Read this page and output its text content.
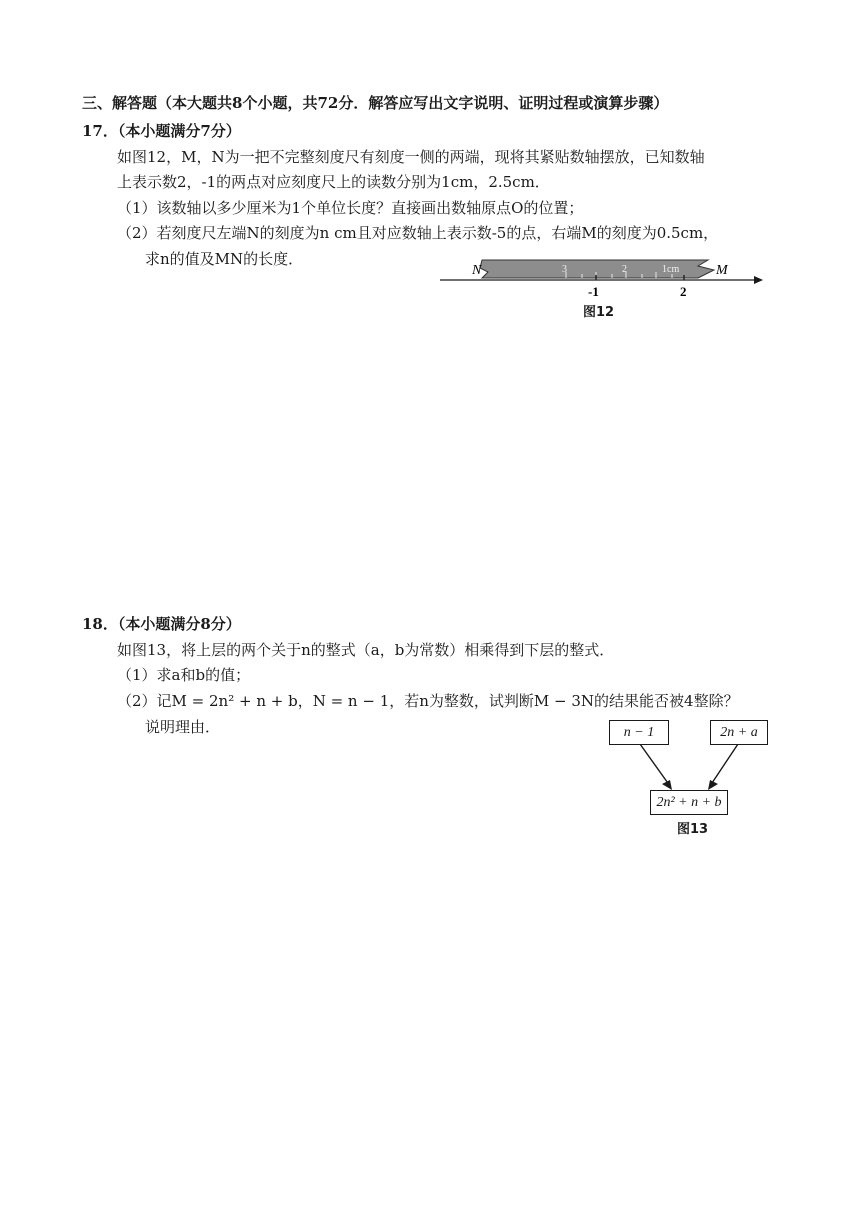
三、解答题（本大题共8个小题，共72分．解答应写出文字说明、证明过程或演算步骤）
17．（本小题满分7分）
如图12，M，N为一把不完整刻度尺有刻度一侧的两端，现将其紧贴数轴摆放，已知数轴
上表示数2，-1的两点对应刻度尺上的读数分别为1cm，2.5cm．
（1）该数轴以多少厘米为1个单位长度？直接画出数轴原点O的位置；
（2）若刻度尺左端N的刻度为n cm且对应数轴上表示数-5的点，右端M的刻度为0.5cm，
求n的值及MN的长度．
3	2	1cm
N	M
-1	2
图12
18．（本小题满分8分）
如图13，将上层的两个关于n的整式（a，b为常数）相乘得到下层的整式．
（1）求a和b的值；
（2）记M = 2n² + n + b，N = n − 1，若n为整数，试判断M − 3N的结果能否被4整除？
说明理由．	n − 1	2n + a
2n² + n + b
图13
